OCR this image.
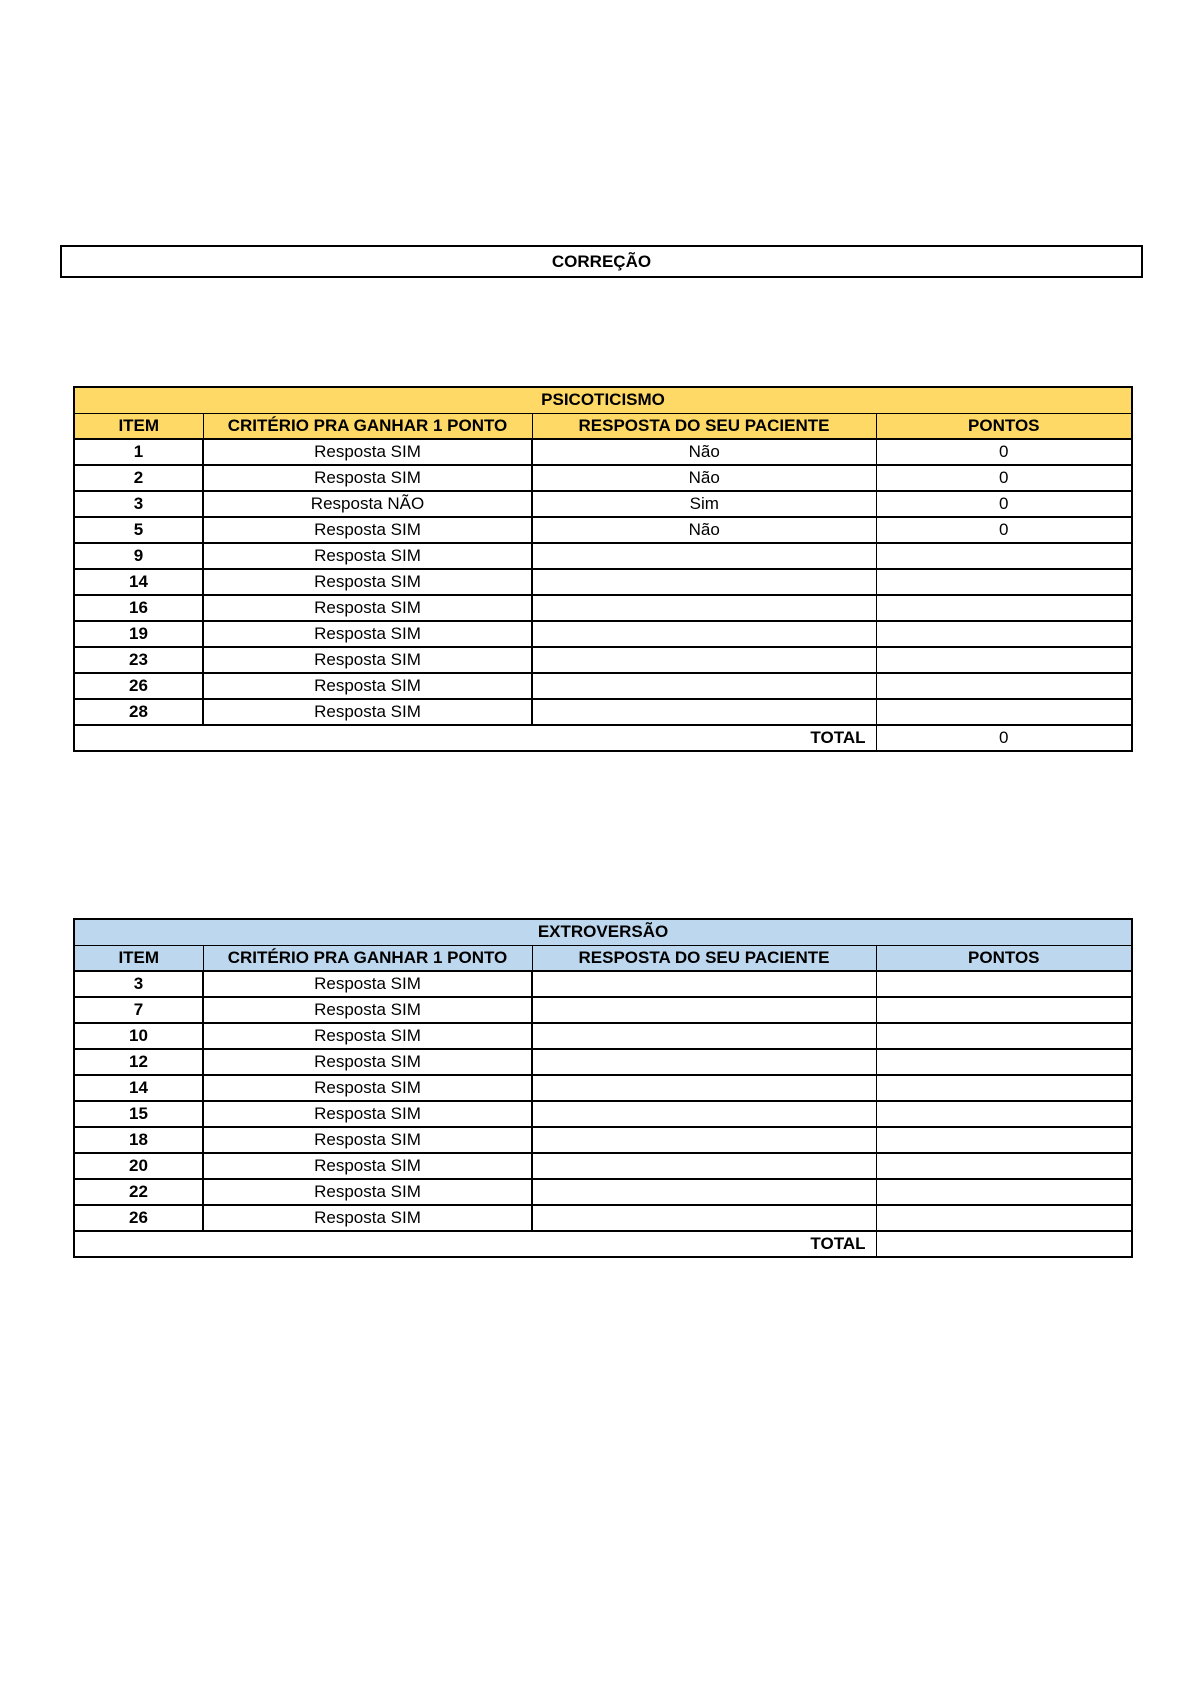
CORREÇÃO
PSICOTICISMO			
ITEM	CRITÉRIO PRA GANHAR 1 PONTO	RESPOSTA DO SEU PACIENTE	PONTOS
1	Resposta SIM	Não	0
2	Resposta SIM	Não	0
3	Resposta NÃO	Sim	0
5	Resposta SIM	Não	0
9	Resposta SIM		
14	Resposta SIM		
16	Resposta SIM		
19	Resposta SIM		
23	Resposta SIM		
26	Resposta SIM		
28	Resposta SIM		
TOTAL			0
EXTROVERSÃO			
ITEM	CRITÉRIO PRA GANHAR 1 PONTO	RESPOSTA DO SEU PACIENTE	PONTOS
3	Resposta SIM		
7	Resposta SIM		
10	Resposta SIM		
12	Resposta SIM		
14	Resposta SIM		
15	Resposta SIM		
18	Resposta SIM		
20	Resposta SIM		
22	Resposta SIM		
26	Resposta SIM		
TOTAL			
